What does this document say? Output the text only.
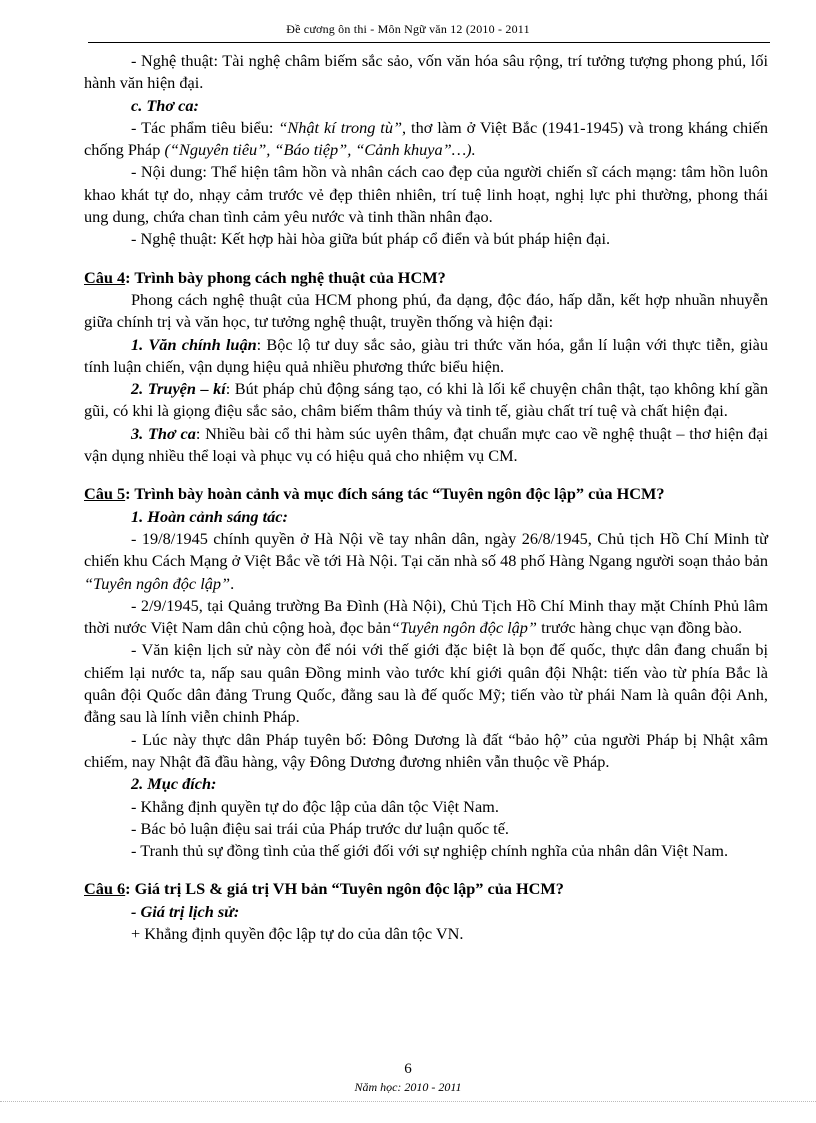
Đề cương ôn thi - Môn Ngữ văn 12 (2010 - 2011

- Nghệ thuật: Tài nghệ châm biếm sắc sảo, vốn văn hóa sâu rộng, trí tưởng tượng phong phú, lối hành văn hiện đại.

c. Thơ ca:

- Tác phẩm tiêu biểu: “Nhật kí trong tù”, thơ làm ở Việt Bắc (1941-1945) và trong kháng chiến chống Pháp (“Nguyên tiêu”, “Báo tiệp”, “Cảnh khuya”…).

- Nội dung: Thể hiện tâm hồn và nhân cách cao đẹp của người chiến sĩ cách mạng: tâm hồn luôn khao khát tự do, nhạy cảm trước vẻ đẹp thiên nhiên, trí tuệ linh hoạt, nghị lực phi thường, phong thái ung dung, chứa chan tình cảm yêu nước và tinh thần nhân đạo.

- Nghệ thuật: Kết hợp hài hòa giữa bút pháp cổ điển và bút pháp hiện đại.

Câu 4: Trình bày phong cách nghệ thuật của HCM?

Phong cách nghệ thuật của HCM phong phú, đa dạng, độc đáo, hấp dẫn, kết hợp nhuần nhuyễn giữa chính trị và văn học, tư tưởng nghệ thuật, truyền thống và hiện đại:

1. Văn chính luận: Bộc lộ tư duy sắc sảo, giàu tri thức văn hóa, gắn lí luận với thực tiễn, giàu tính luận chiến, vận dụng hiệu quả nhiều phương thức biểu hiện.

2. Truyện – kí: Bút pháp chủ động sáng tạo, có khi là lối kể chuyện chân thật, tạo không khí gần gũi, có khi là giọng điệu sắc sảo, châm biếm thâm thúy và tinh tế, giàu chất trí tuệ và chất hiện đại.

3. Thơ ca: Nhiều bài cổ thi hàm súc uyên thâm, đạt chuẩn mực cao về nghệ thuật – thơ hiện đại vận dụng nhiều thể loại và phục vụ có hiệu quả cho nhiệm vụ CM.

Câu 5: Trình bày hoàn cảnh và mục đích sáng tác “Tuyên ngôn độc lập” của HCM?

1. Hoàn cảnh sáng tác:

- 19/8/1945 chính quyền ở Hà Nội về tay nhân dân, ngày 26/8/1945, Chủ tịch Hồ Chí Minh từ chiến khu Cách Mạng ở Việt Bắc về tới Hà Nội. Tại căn nhà số 48 phố Hàng Ngang người soạn thảo bản “Tuyên ngôn độc lập”.

- 2/9/1945, tại Quảng trường Ba Đình (Hà Nội), Chủ Tịch Hồ Chí Minh thay mặt Chính Phủ lâm thời nước Việt Nam dân chủ cộng hoà, đọc bản“Tuyên ngôn độc lập” trước hàng chục vạn đồng bào.

- Văn kiện lịch sử này còn để nói với thế giới đặc biệt là bọn đế quốc, thực dân đang chuẩn bị chiếm lại nước ta, nấp sau quân Đồng minh vào tước khí giới quân đội Nhật: tiến vào từ phía Bắc là quân đội Quốc dân đảng Trung Quốc, đằng sau là đế quốc Mỹ; tiến vào từ phái Nam là quân đội Anh, đằng sau là lính viễn chinh Pháp.

- Lúc này thực dân Pháp tuyên bố: Đông Dương là đất “bảo hộ” của người Pháp bị Nhật xâm chiếm, nay Nhật đã đầu hàng, vậy Đông Dương đương nhiên vẫn thuộc về Pháp.

2. Mục đích:

- Khẳng định quyền tự do độc lập của dân tộc Việt Nam.

- Bác bỏ luận điệu sai trái của Pháp trước dư luận quốc tế.

- Tranh thủ sự đồng tình của thế giới đối với sự nghiệp chính nghĩa của nhân dân Việt Nam.

Câu 6: Giá trị LS & giá trị VH bản “Tuyên ngôn độc lập” của HCM?

- Giá trị lịch sử:

+ Khẳng định quyền độc lập tự do của dân tộc VN.

6
Năm học: 2010 - 2011
